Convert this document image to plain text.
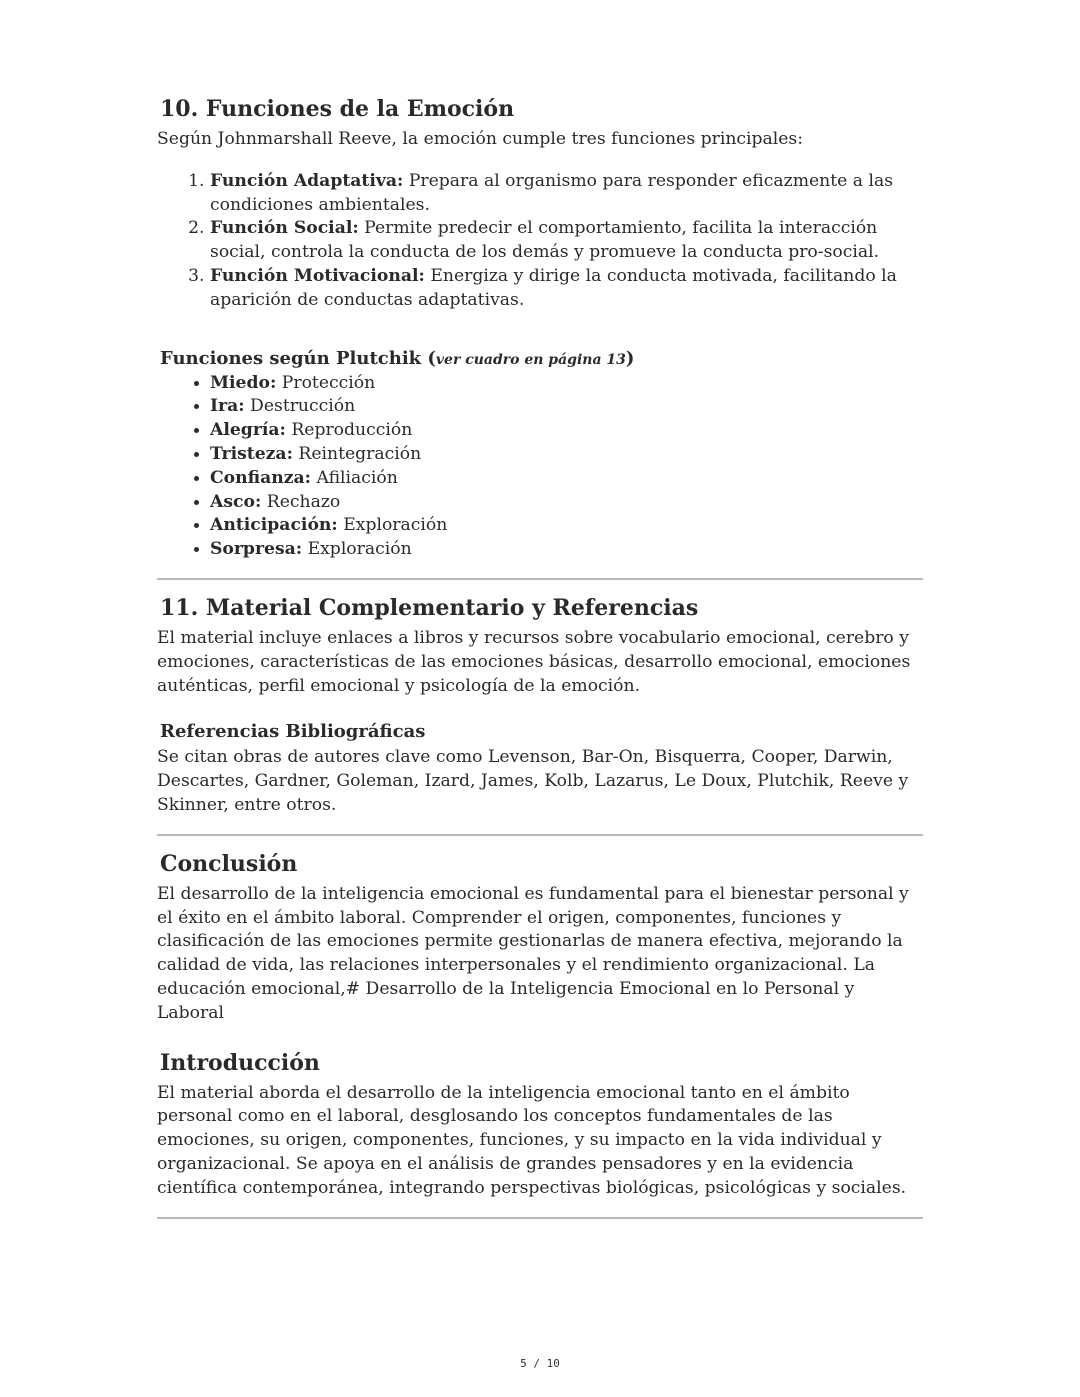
10. Funciones de la Emoción

Según Johnmarshall Reeve, la emoción cumple tres funciones principales:

1. Función Adaptativa: Prepara al organismo para responder eficazmente a las condiciones ambientales.
2. Función Social: Permite predecir el comportamiento, facilita la interacción social, controla la conducta de los demás y promueve la conducta pro-social.
3. Función Motivacional: Energiza y dirige la conducta motivada, facilitando la aparición de conductas adaptativas.
Funciones según Plutchik (ver cuadro en página 13)
• Miedo: Protección
• Ira: Destrucción
• Alegría: Reproducción
• Tristeza: Reintegración
• Confianza: Afiliación
• Asco: Rechazo
• Anticipación: Exploración
• Sorpresa: Exploración
11. Material Complementario y Referencias

El material incluye enlaces a libros y recursos sobre vocabulario emocional, cerebro y emociones, características de las emociones básicas, desarrollo emocional, emociones auténticas, perfil emocional y psicología de la emoción.

Referencias Bibliográficas

Se citan obras de autores clave como Levenson, Bar-On, Bisquerra, Cooper, Darwin, Descartes, Gardner, Goleman, Izard, James, Kolb, Lazarus, Le Doux, Plutchik, Reeve y Skinner, entre otros.

Conclusión

El desarrollo de la inteligencia emocional es fundamental para el bienestar personal y el éxito en el ámbito laboral. Comprender el origen, componentes, funciones y clasificación de las emociones permite gestionarlas de manera efectiva, mejorando la calidad de vida, las relaciones interpersonales y el rendimiento organizacional. La educación emocional,# Desarrollo de la Inteligencia Emocional en lo Personal y Laboral

Introducción

El material aborda el desarrollo de la inteligencia emocional tanto en el ámbito personal como en el laboral, desglosando los conceptos fundamentales de las emociones, su origen, componentes, funciones, y su impacto en la vida individual y organizacional. Se apoya en el análisis de grandes pensadores y en la evidencia científica contemporánea, integrando perspectivas biológicas, psicológicas y sociales.

5 / 10
